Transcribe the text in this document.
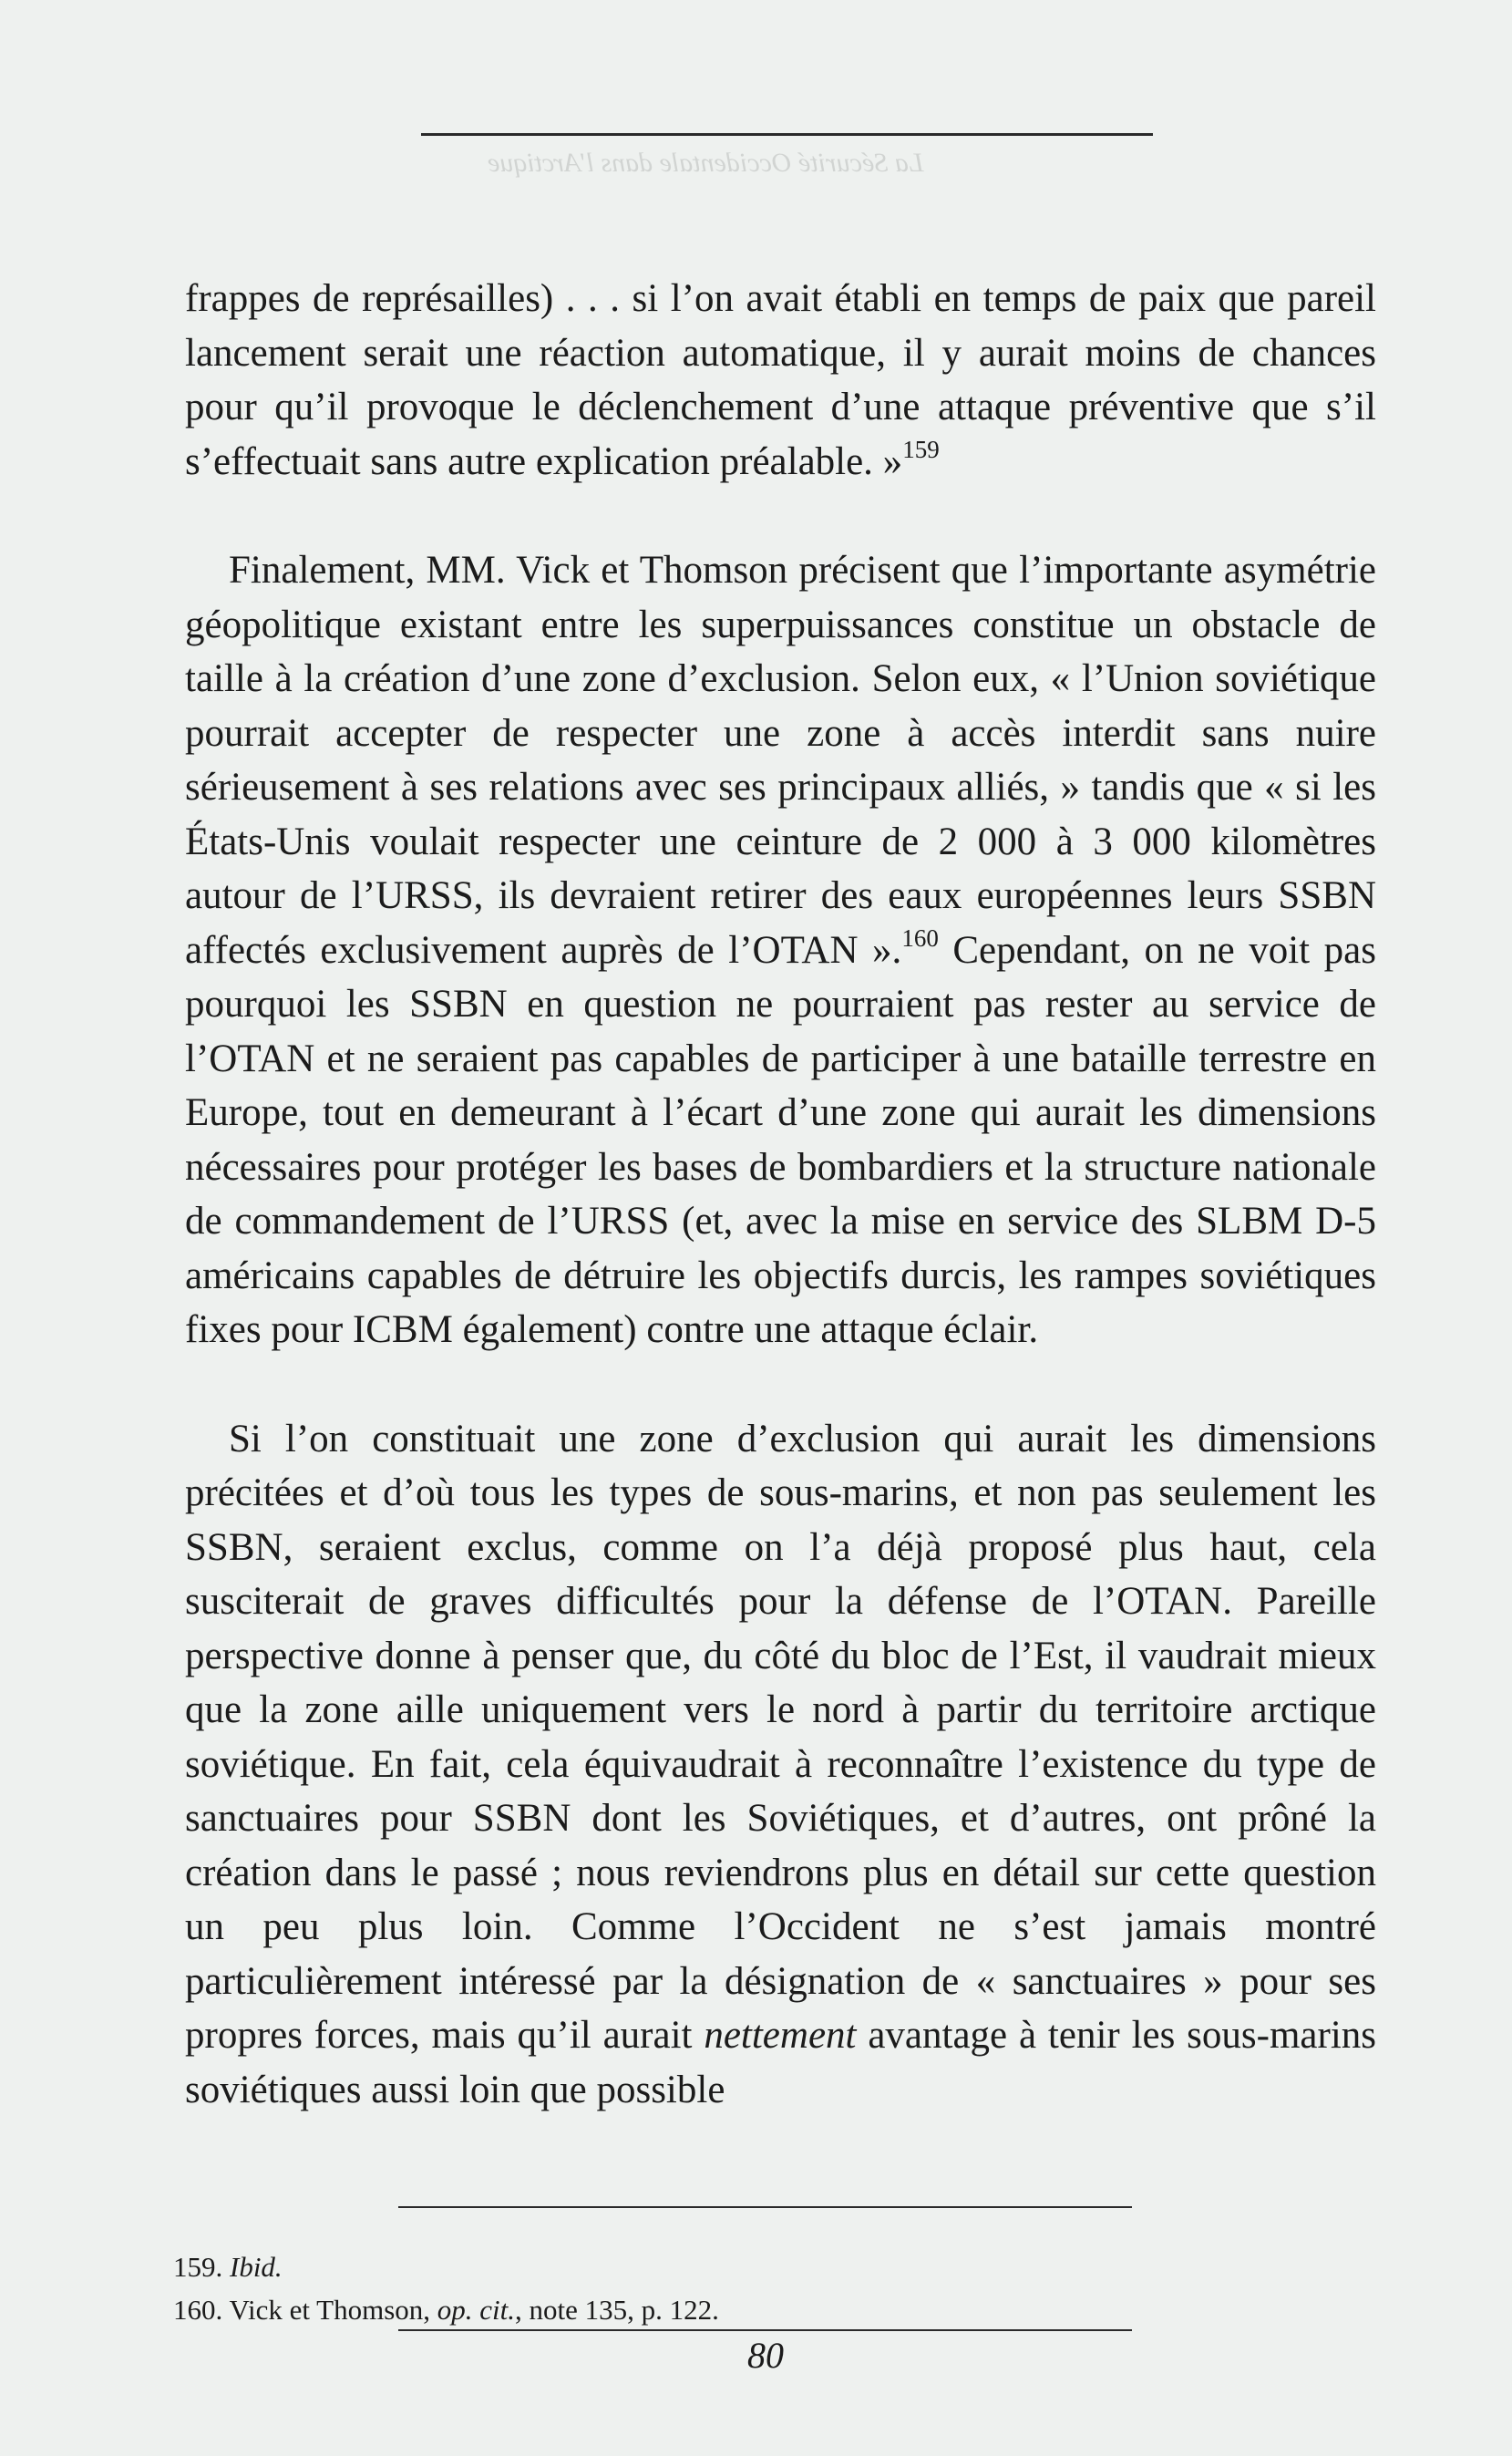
La Sécurité Occidentale dans l'Arctique

frappes de représailles) . . . si l’on avait établi en temps de paix que pareil lancement serait une réaction automatique, il y aurait moins de chances pour qu’il provoque le déclenchement d’une attaque préventive que s’il s’effectuait sans autre explication préalable. »$^{159}$

Finalement, MM. Vick et Thomson précisent que l’importante asymétrie géopolitique existant entre les superpuissances constitue un obstacle de taille à la création d’une zone d’exclusion. Selon eux, « l’Union soviétique pourrait accepter de respecter une zone à accès interdit sans nuire sérieusement à ses relations avec ses principaux alliés, » tandis que « si les États-Unis voulait respecter une ceinture de 2 000 à 3 000 kilomètres autour de l’URSS, ils devraient retirer des eaux européennes leurs SSBN affectés exclusivement auprès de l’OTAN ».$^{160}$ Cependant, on ne voit pas pourquoi les SSBN en question ne pourraient pas rester au service de l’OTAN et ne seraient pas capables de participer à une bataille terrestre en Europe, tout en demeurant à l’écart d’une zone qui aurait les dimensions nécessaires pour protéger les bases de bombardiers et la structure nationale de commandement de l’URSS (et, avec la mise en service des SLBM D-5 américains capables de détruire les objectifs durcis, les rampes soviétiques fixes pour ICBM également) contre une attaque éclair.

Si l’on constituait une zone d’exclusion qui aurait les dimensions précitées et d’où tous les types de sous-marins, et non pas seulement les SSBN, seraient exclus, comme on l’a déjà proposé plus haut, cela susciterait de graves difficultés pour la défense de l’OTAN. Pareille perspective donne à penser que, du côté du bloc de l’Est, il vaudrait mieux que la zone aille uniquement vers le nord à partir du territoire arctique soviétique. En fait, cela équivaudrait à reconnaître l’existence du type de sanctuaires pour SSBN dont les Soviétiques, et d’autres, ont prôné la création dans le passé ; nous reviendrons plus en détail sur cette question un peu plus loin. Comme l’Occident ne s’est jamais montré particulièrement intéressé par la désignation de « sanctuaires » pour ses propres forces, mais qu’il aurait nettement avantage à tenir les sous-marins soviétiques aussi loin que possible

159. Ibid.
160. Vick et Thomson, op. cit., note 135, p. 122.
80
